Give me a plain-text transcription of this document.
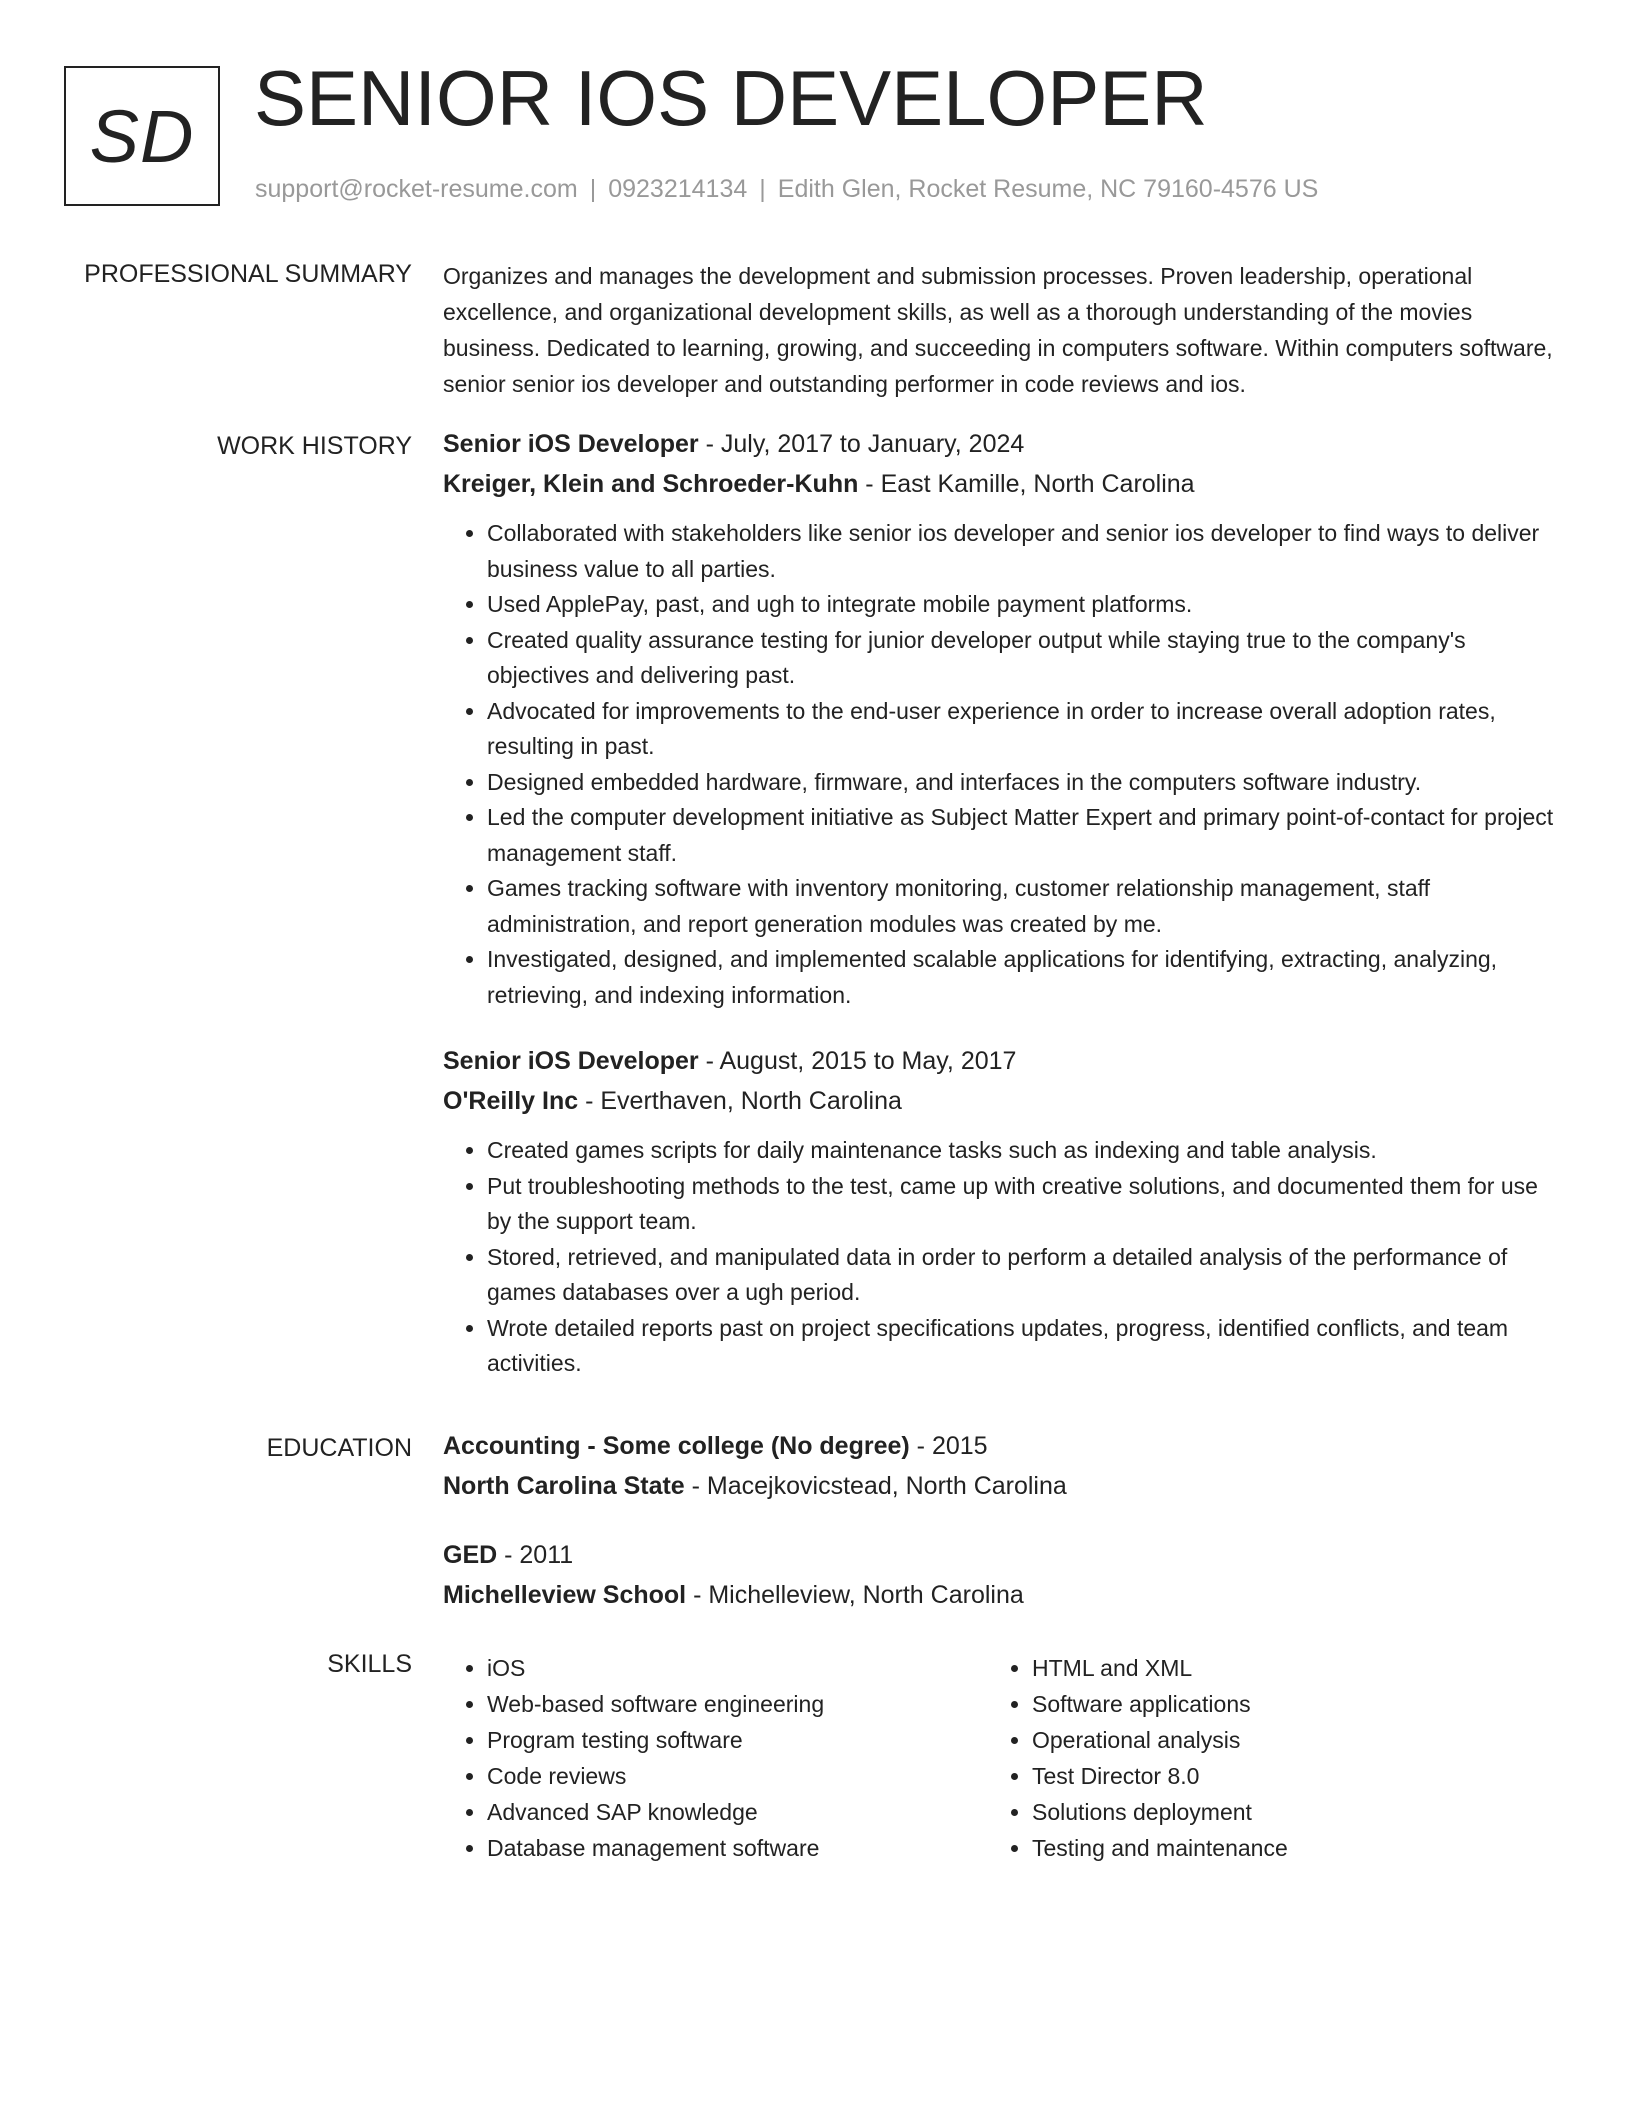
SD SENIOR IOS DEVELOPER
support@rocket-resume.com | 0923214134 | Edith Glen, Rocket Resume, NC 79160-4576 US
PROFESSIONAL SUMMARY Organizes and manages the development and submission processes. Proven leadership, operational excellence, and organizational development skills, as well as a thorough understanding of the movies business. Dedicated to learning, growing, and succeeding in computers software. Within computers software, senior senior ios developer and outstanding performer in code reviews and ios.

WORK HISTORY Senior iOS Developer - July, 2017 to January, 2024
Kreiger, Klein and Schroeder-Kuhn - East Kamille, North Carolina
• Collaborated with stakeholders like senior ios developer and senior ios developer to find ways to deliver business value to all parties.
• Used ApplePay, past, and ugh to integrate mobile payment platforms.
• Created quality assurance testing for junior developer output while staying true to the company's objectives and delivering past.
• Advocated for improvements to the end-user experience in order to increase overall adoption rates, resulting in past.
• Designed embedded hardware, firmware, and interfaces in the computers software industry.
• Led the computer development initiative as Subject Matter Expert and primary point-of-contact for project management staff.
• Games tracking software with inventory monitoring, customer relationship management, staff administration, and report generation modules was created by me.
• Investigated, designed, and implemented scalable applications for identifying, extracting, analyzing, retrieving, and indexing information.
Senior iOS Developer - August, 2015 to May, 2017
O'Reilly Inc - Everthaven, North Carolina
• Created games scripts for daily maintenance tasks such as indexing and table analysis.
• Put troubleshooting methods to the test, came up with creative solutions, and documented them for use by the support team.
• Stored, retrieved, and manipulated data in order to perform a detailed analysis of the performance of games databases over a ugh period.
• Wrote detailed reports past on project specifications updates, progress, identified conflicts, and team activities.
EDUCATION Accounting - Some college (No degree) - 2015
North Carolina State - Macejkovicstead, North Carolina
GED - 2011
Michelleview School - Michelleview, North Carolina
SKILLS
•	iOS
• Web-based software engineering
• Program testing software
• Code reviews
• Advanced SAP knowledge
• Database management software
• HTML and XML
• Software applications
• Operational analysis
• Test Director 8.0
• Solutions deployment
• Testing and maintenance
